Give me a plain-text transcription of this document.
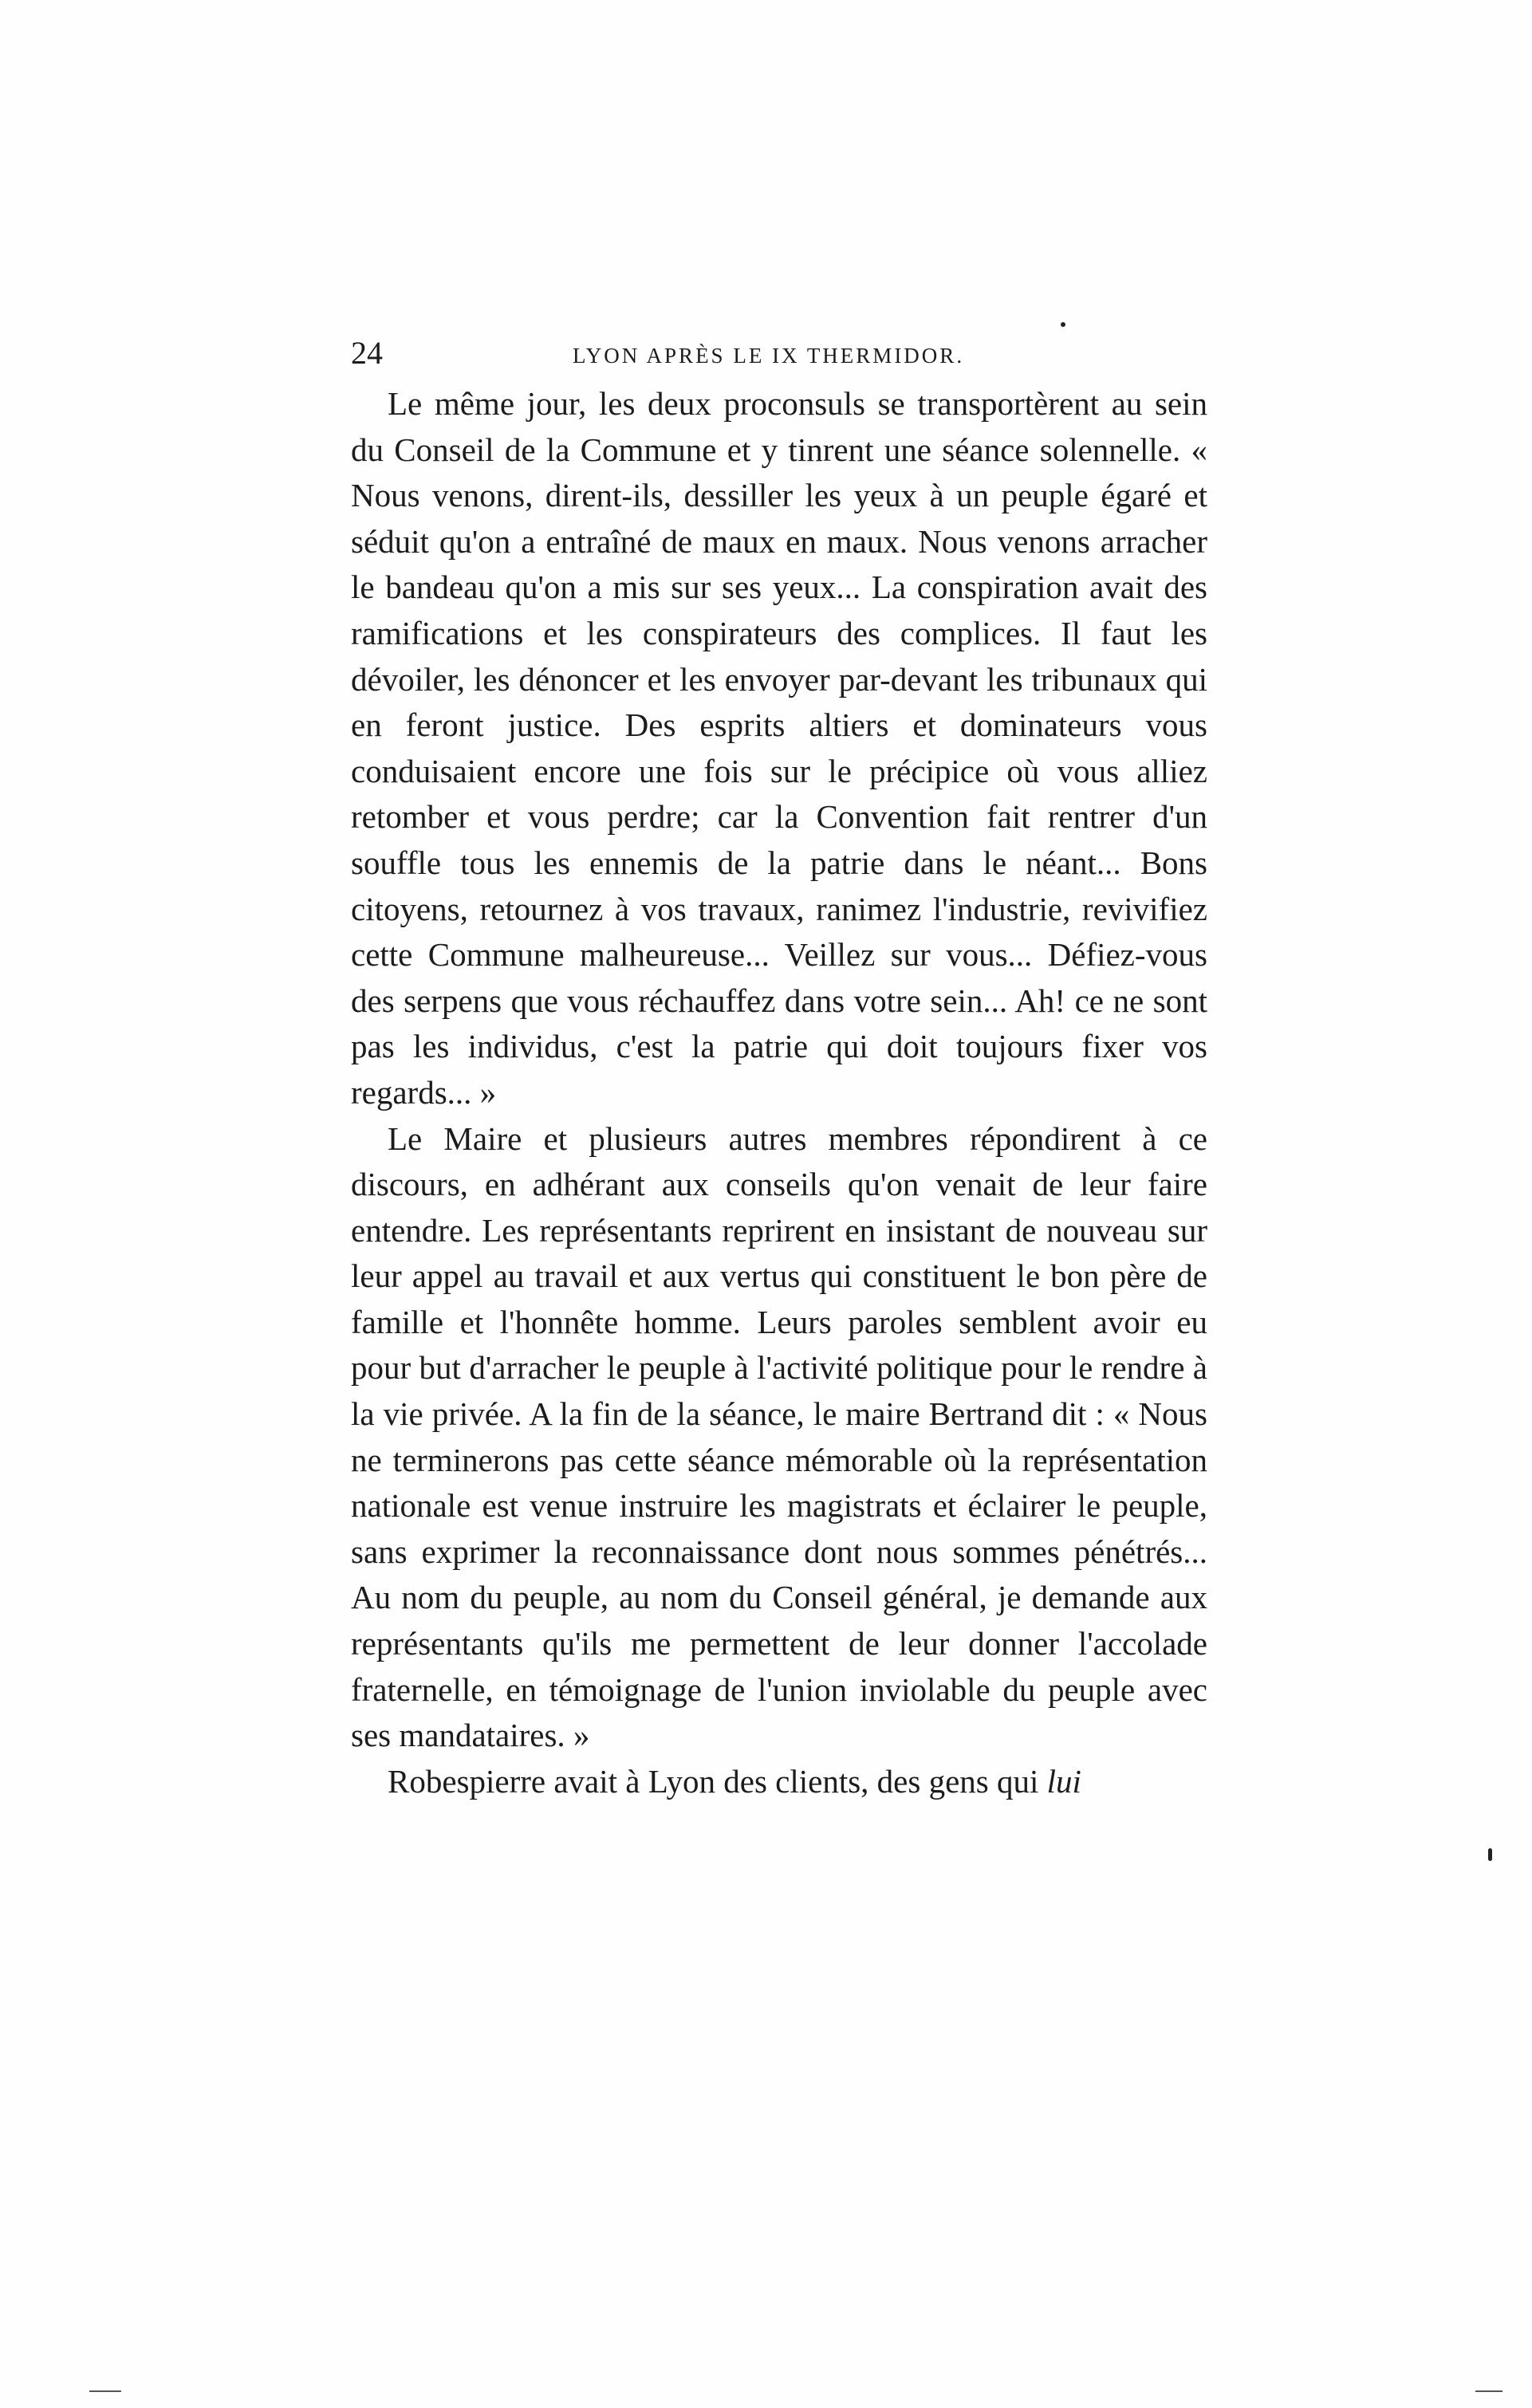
24	LYON APRÈS LE IX THERMIDOR.

Le même jour, les deux proconsuls se transportèrent au sein du Conseil de la Commune et y tinrent une séance solennelle. « Nous venons, dirent-ils, dessiller les yeux à un peuple égaré et séduit qu'on a entraîné de maux en maux. Nous venons arracher le bandeau qu'on a mis sur ses yeux... La conspiration avait des ramifications et les conspirateurs des complices. Il faut les dévoiler, les dénoncer et les envoyer par-devant les tribunaux qui en feront justice. Des esprits altiers et dominateurs vous conduisaient encore une fois sur le précipice où vous alliez retomber et vous perdre; car la Convention fait rentrer d'un souffle tous les ennemis de la patrie dans le néant... Bons citoyens, retournez à vos travaux, ranimez l'industrie, revivifiez cette Commune malheureuse... Veillez sur vous... Défiez-vous des serpens que vous réchauffez dans votre sein... Ah! ce ne sont pas les individus, c'est la patrie qui doit toujours fixer vos regards... »

Le Maire et plusieurs autres membres répondirent à ce discours, en adhérant aux conseils qu'on venait de leur faire entendre. Les représentants reprirent en insistant de nouveau sur leur appel au travail et aux vertus qui constituent le bon père de famille et l'honnête homme. Leurs paroles semblent avoir eu pour but d'arracher le peuple à l'activité politique pour le rendre à la vie privée. A la fin de la séance, le maire Bertrand dit : « Nous ne terminerons pas cette séance mémorable où la représentation nationale est venue instruire les magistrats et éclairer le peuple, sans exprimer la reconnaissance dont nous sommes pénétrés... Au nom du peuple, au nom du Conseil général, je demande aux représentants qu'ils me permettent de leur donner l'accolade fraternelle, en témoignage de l'union inviolable du peuple avec ses mandataires. »

Robespierre avait à Lyon des clients, des gens qui lui
